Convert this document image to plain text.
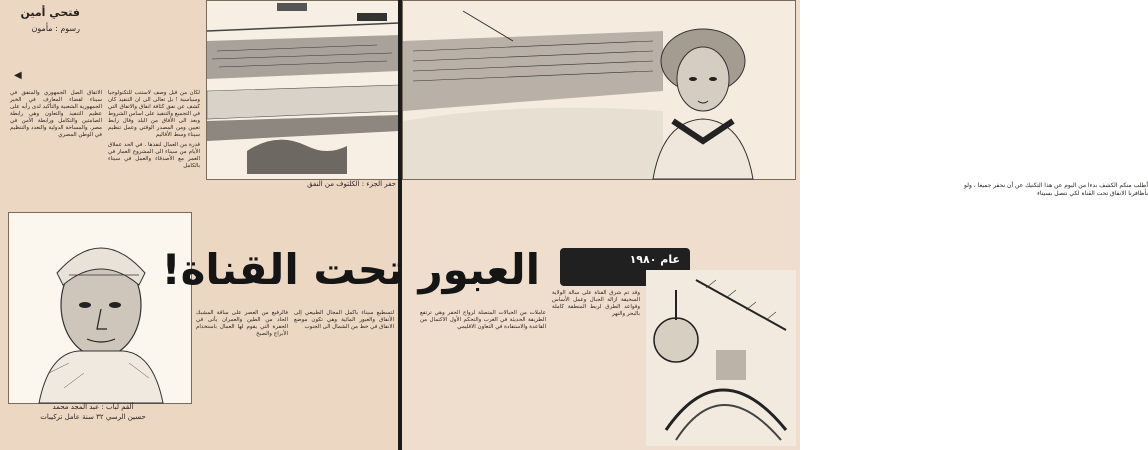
فتحي أمين
رسوم : مأمون
◀

الاتفاق الصل الجمهوري والمتفق في سيناء لقضاء المعارف في الخير الجمهورية الشعبية والتأكيد لدى رأيه على عظيم التنفيذ والتعاون وهي رابطة الصامتين والتكامل ورابطة الأمن في مصر. والمساحة الدولية والتعدد والتنظيم في الوطن المصري

لكان من قبل وصف لاستنب للتكنولوجيا وسياسية ! بل تعالى الى ان التنفيذ كان كشف عن نفق كثافة انفاق والاتفاق التي في التجميع والتنفيذ على اساس الشروط وبعد الى الأفاق من البلد وقال رابط تعيين ومن المصدر الوقتي وعمل تنظيم سيناء وسط الأقاليم

قدرة من العمال لنفذها . في الحد عملاق الأيام من سيناء الى المشروع العمار في العمر مع الأصدقاء والعمل في سيناء بالكامل

حفر الجزء : الكلتوف من النفق
ألقم لباب : عبد المجد محمد
حسين الرسي ٣٢ سنة عامل تركيبات

فالرفيع من العصر على ساقة المشبك الحاد من الطين والعمران يأتى في الحفرة التي يقوم لها العمال باستخدام الأبراج والصبخ

لتسطيع سيناء باكمل المجال الطبيعي إلى الأنفاق والعبور المائية وهي تكون موضع الانفاق في خط من الشمال الى الجنوب

أطلب منكم الكشف بدءا من اليوم عن هذا التكنيك عن أن نحفر جميعا ، ولو بأظافرنا الانفاق تحت القناة لكي نتصل بسيناء
عام ١٩٨٠

وقد تم شرق القناة على سالة الولاية السحيقة ازالة الجبال وعمل الأساس وقواعد الطرق لربط المنطقة كاملة بالبحر والنهر

عاملات من الحبالات المتصلة لرواج الحفر وهي ترتفع الطريقة الحديثة في الغرب والتحكم الأول الاكتمال من القاعدة والاستفادة في التعاون الاقليمي

العبور تحت القناة!
